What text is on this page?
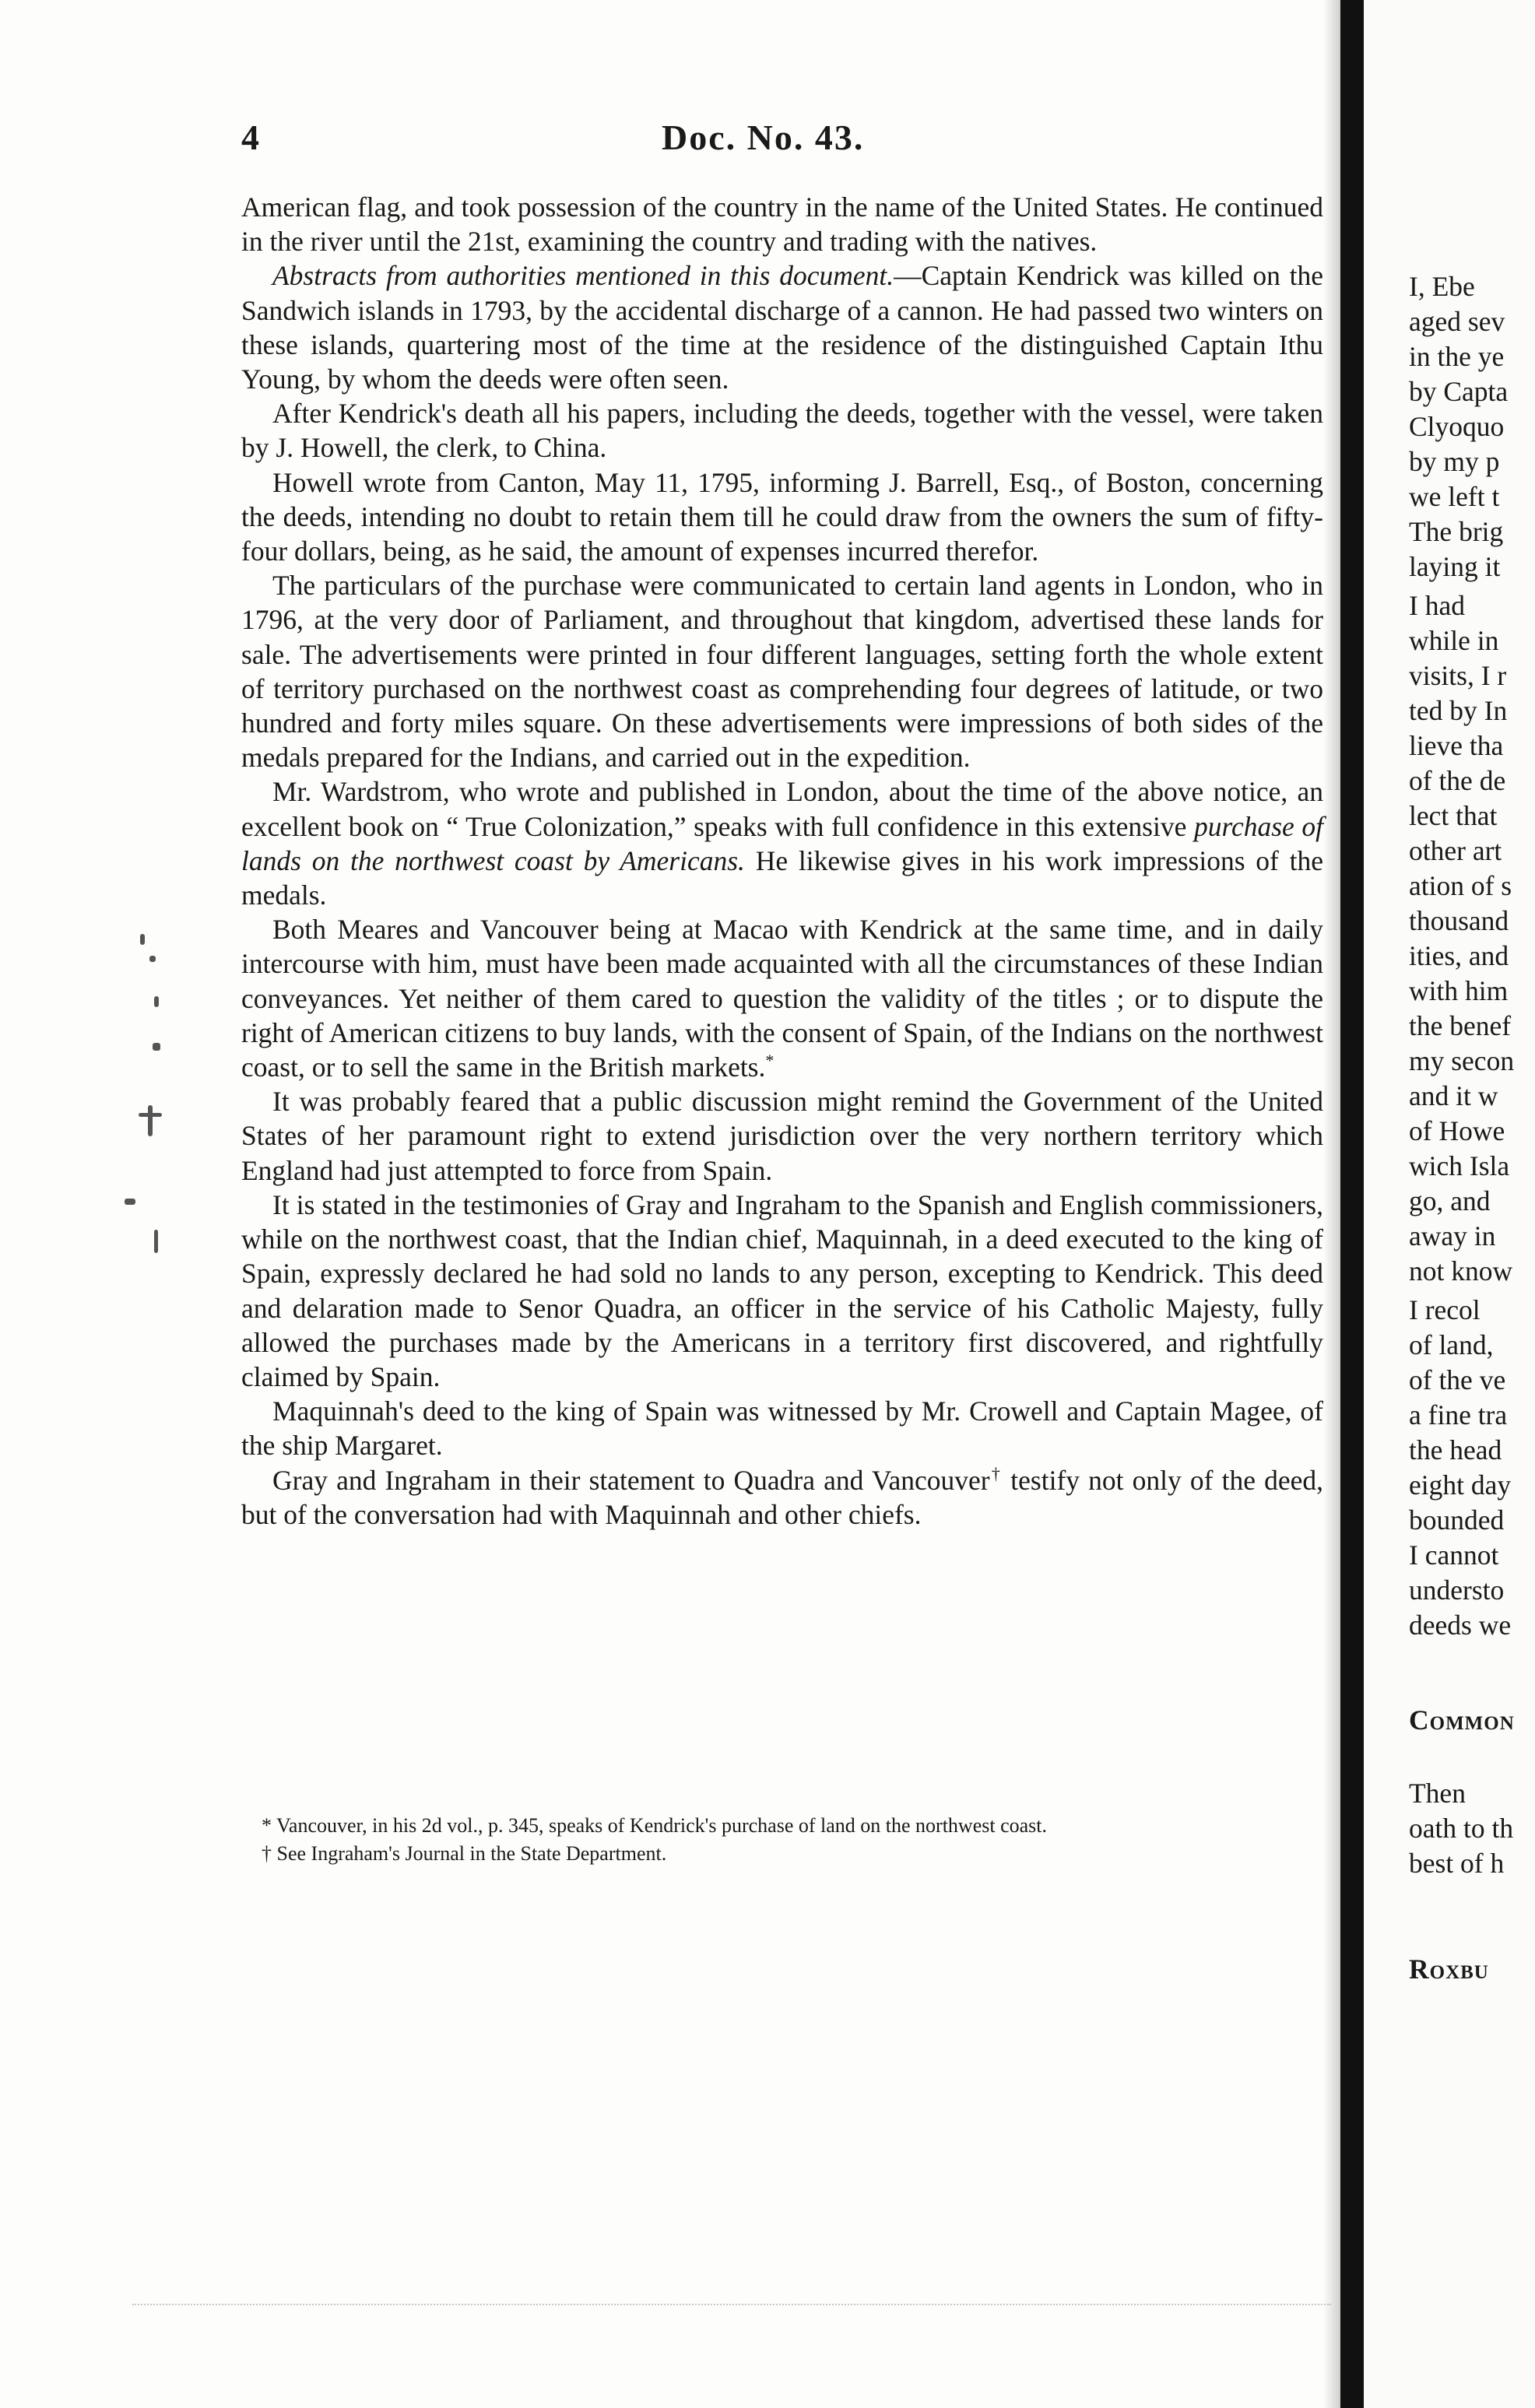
4	Doc. No. 43.

American flag, and took possession of the country in the name of the United States. He continued in the river until the 21st, examining the country and trading with the natives.

Abstracts from authorities mentioned in this document.—Captain Kendrick was killed on the Sandwich islands in 1793, by the accidental discharge of a cannon. He had passed two winters on these islands, quartering most of the time at the residence of the distinguished Captain Ithu Young, by whom the deeds were often seen.

After Kendrick's death all his papers, including the deeds, together with the vessel, were taken by J. Howell, the clerk, to China.

Howell wrote from Canton, May 11, 1795, informing J. Barrell, Esq., of Boston, concerning the deeds, intending no doubt to retain them till he could draw from the owners the sum of fifty-four dollars, being, as he said, the amount of expenses incurred therefor.

The particulars of the purchase were communicated to certain land agents in London, who in 1796, at the very door of Parliament, and throughout that kingdom, advertised these lands for sale. The advertisements were printed in four different languages, setting forth the whole extent of territory purchased on the northwest coast as comprehending four degrees of latitude, or two hundred and forty miles square. On these advertisements were impressions of both sides of the medals prepared for the Indians, and carried out in the expedition.

Mr. Wardstrom, who wrote and published in London, about the time of the above notice, an excellent book on “ True Colonization,” speaks with full confidence in this extensive purchase of lands on the northwest coast by Americans. He likewise gives in his work impressions of the medals.

Both Meares and Vancouver being at Macao with Kendrick at the same time, and in daily intercourse with him, must have been made acquainted with all the circumstances of these Indian conveyances. Yet neither of them cared to question the validity of the titles ; or to dispute the right of American citizens to buy lands, with the consent of Spain, of the Indians on the northwest coast, or to sell the same in the British markets.*

It was probably feared that a public discussion might remind the Government of the United States of her paramount right to extend jurisdiction over the very northern territory which England had just attempted to force from Spain.

It is stated in the testimonies of Gray and Ingraham to the Spanish and English commissioners, while on the northwest coast, that the Indian chief, Maquinnah, in a deed executed to the king of Spain, expressly declared he had sold no lands to any person, excepting to Kendrick. This deed and delaration made to Senor Quadra, an officer in the service of his Catholic Majesty, fully allowed the purchases made by the Americans in a territory first discovered, and rightfully claimed by Spain.

Maquinnah's deed to the king of Spain was witnessed by Mr. Crowell and Captain Magee, of the ship Margaret.

Gray and Ingraham in their statement to Quadra and Vancouver† testify not only of the deed, but of the conversation had with Maquinnah and other chiefs.

* Vancouver, in his 2d vol., p. 345, speaks of Kendrick's purchase of land on the northwest coast.

† See Ingraham's Journal in the State Department.

I, Ebe
aged sev
in the ye
by Capta
Clyoquo
by my p
we left t
The brig
laying it
I had
while in
visits, I r
ted by In
lieve tha
of the de
lect that
other art
ation of s
thousand
ities, and
with him
the benef
my secon
and it w
of Howe
wich Isla
go, and
away in
not know
I recol
of land,
of the ve
a fine tra
the head
eight day
bounded
I cannot
understo
deeds we
Common
Then
oath to th
best of h
Roxbu
